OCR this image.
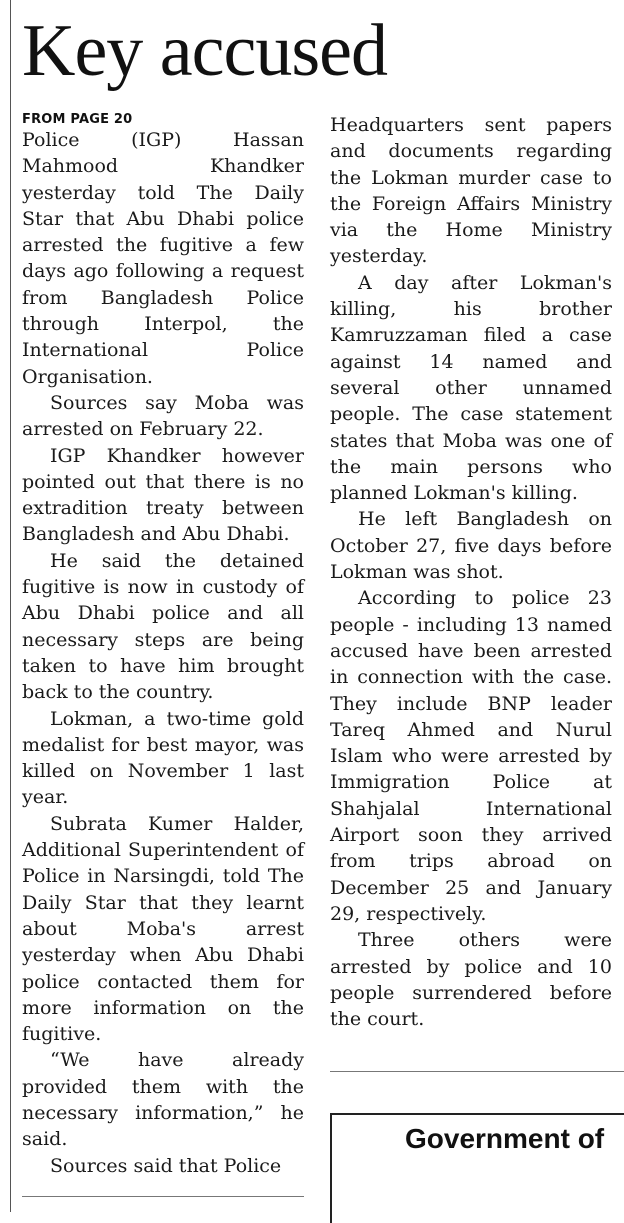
Key accused
FROM PAGE 20

Police (IGP) Hassan Mahmood Khandker yesterday told The Daily Star that Abu Dhabi police arrested the fugitive a few days ago following a request from Bangladesh Police through Interpol, the International Police Organisation.

Sources say Moba was arrested on February 22.

IGP Khandker however pointed out that there is no extradition treaty between Bangladesh and Abu Dhabi.

He said the detained fugitive is now in custody of Abu Dhabi police and all necessary steps are being taken to have him brought back to the country.

Lokman, a two-time gold medalist for best mayor, was killed on November 1 last year.

Subrata Kumer Halder, Additional Superintendent of Police in Narsingdi, told The Daily Star that they learnt about Moba's arrest yesterday when Abu Dhabi police contacted them for more information on the fugitive.

“We have already provided them with the necessary information,” he said.

Sources said that Police

Headquarters sent papers and documents regarding the Lokman murder case to the Foreign Affairs Ministry via the Home Ministry yesterday.

A day after Lokman's killing, his brother Kamruzzaman filed a case against 14 named and several other unnamed people. The case statement states that Moba was one of the main persons who planned Lokman's killing.

He left Bangladesh on October 27, five days before Lokman was shot.

According to police 23 people - including 13 named accused have been arrested in connection with the case. They include BNP leader Tareq Ahmed and Nurul Islam who were arrested by Immigration Police at Shahjalal International Airport soon they arrived from trips abroad on December 25 and January 29, respectively.

Three others were arrested by police and 10 people surrendered before the court.

Government of
